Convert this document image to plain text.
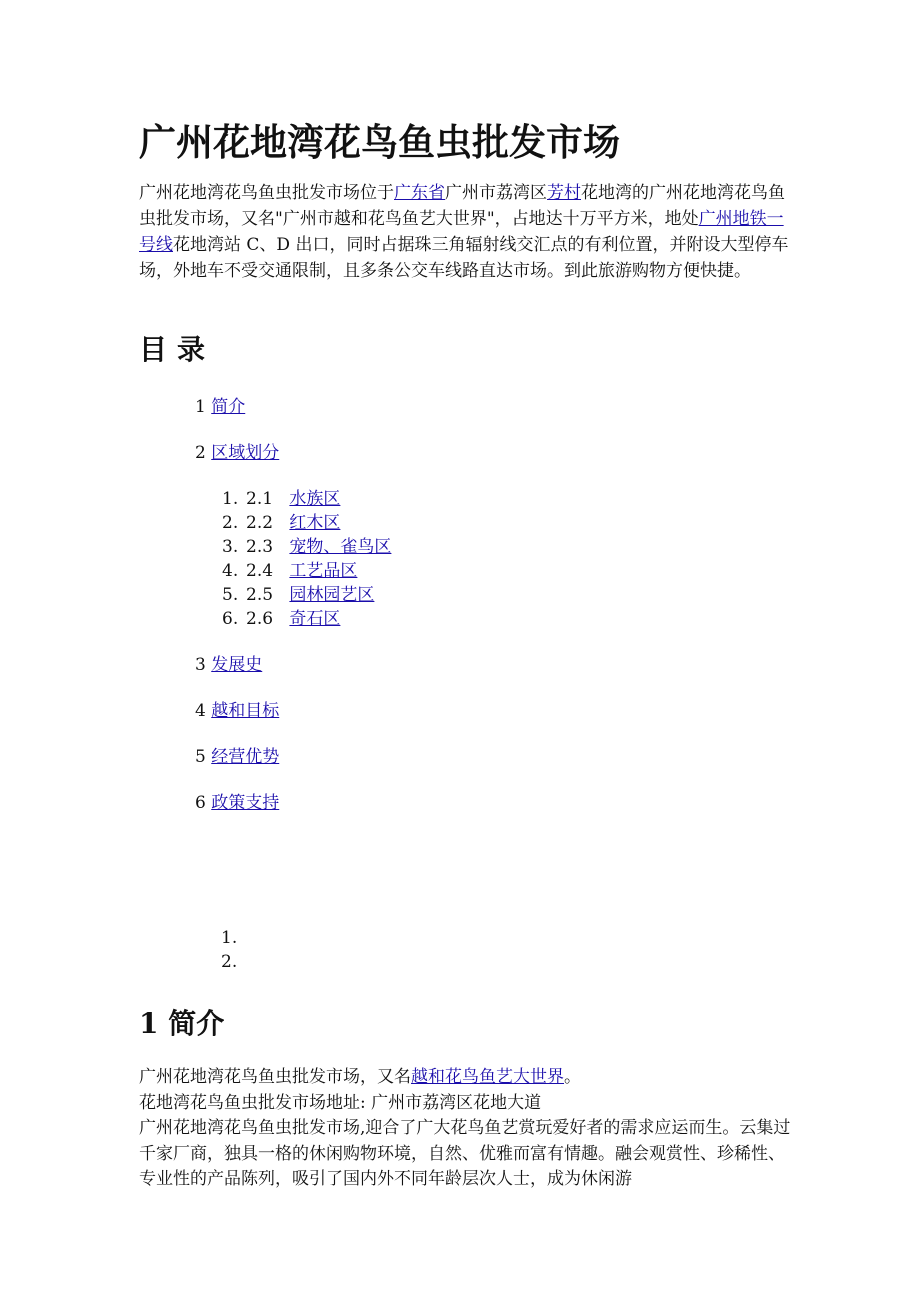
广州花地湾花鸟鱼虫批发市场

广州花地湾花鸟鱼虫批发市场位于广东省广州市荔湾区芳村花地湾的广州花地湾花鸟鱼虫批发市场，又名"广州市越和花鸟鱼艺大世界"，占地达十万平方米，地处广州地铁一号线花地湾站 C、D 出口，同时占据珠三角辐射线交汇点的有利位置，并附设大型停车场，外地车不受交通限制，且多条公交车线路直达市场。到此旅游购物方便快捷。

目录
1 简介
2 区域划分
1. 2.1 水族区
2. 2.2 红木区
3. 2.3 宠物、雀鸟区
4. 2.4 工艺品区
5. 2.5 园林园艺区
6. 2.6 奇石区
3 发展史
4 越和目标
5 经营优势
6 政策支持
1.
2.
1 简介
广州花地湾花鸟鱼虫批发市场，又名越和花鸟鱼艺大世界。
花地湾花鸟鱼虫批发市场地址: 广州市荔湾区花地大道
广州花地湾花鸟鱼虫批发市场,迎合了广大花鸟鱼艺赏玩爱好者的需求应运而生。云集过千家厂商，独具一格的休闲购物环境，自然、优雅而富有情趣。融会观赏性、珍稀性、专业性的产品陈列，吸引了国内外不同年龄层次人士，成为休闲游
